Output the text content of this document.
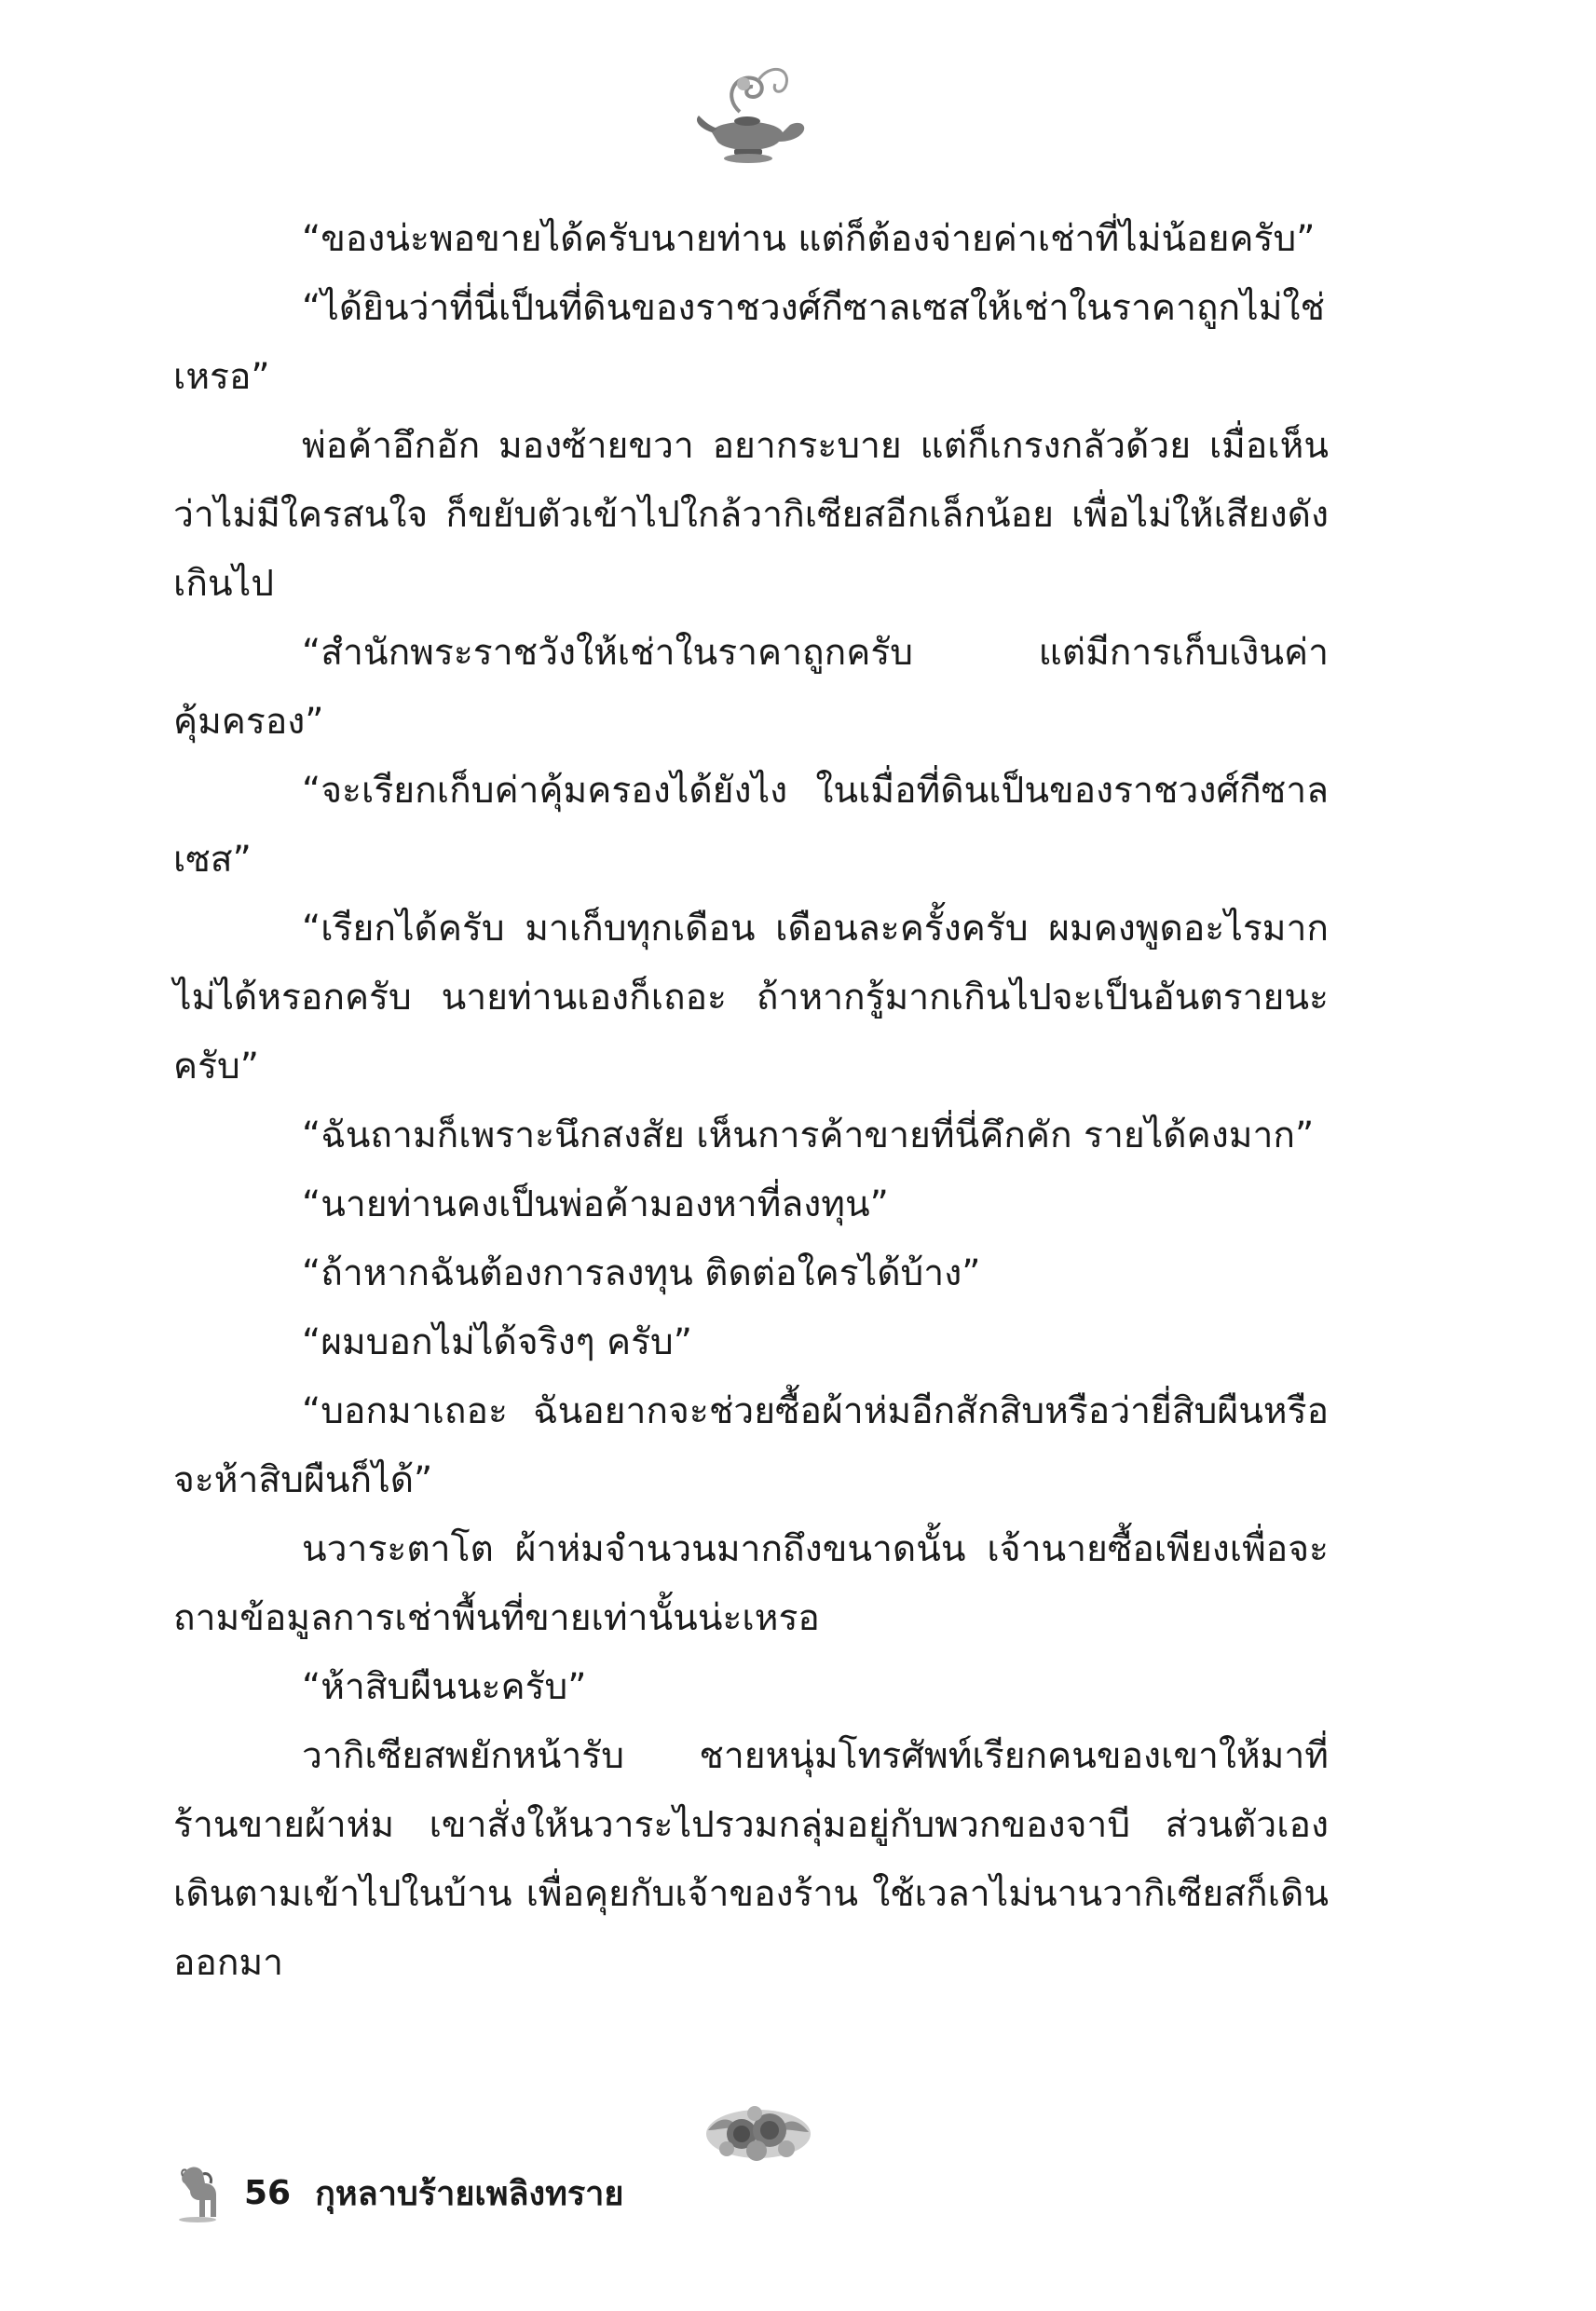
“ของน่ะพอขายได้ครับนายท่าน แต่ก็ต้องจ่ายค่าเช่าที่ไม่น้อยครับ”

“ได้ยินว่าที่นี่เป็นที่ดินของราชวงศ์กีซาลเซสให้เช่าในราคาถูกไม่ใช่เหรอ”

พ่อค้าอึกอัก มองซ้ายขวา อยากระบาย แต่ก็เกรงกลัวด้วย เมื่อเห็นว่าไม่มีใครสนใจ ก็ขยับตัวเข้าไปใกล้วากิเซียสอีกเล็กน้อย เพื่อไม่ให้เสียงดังเกินไป

“สำนักพระราชวังให้เช่าในราคาถูกครับ แต่มีการเก็บเงินค่าคุ้มครอง”

“จะเรียกเก็บค่าคุ้มครองได้ยังไง ในเมื่อที่ดินเป็นของราชวงศ์กีซาลเซส”

“เรียกได้ครับ มาเก็บทุกเดือน เดือนละครั้งครับ ผมคงพูดอะไรมากไม่ได้หรอกครับ นายท่านเองก็เถอะ ถ้าหากรู้มากเกินไปจะเป็นอันตรายนะครับ”

“ฉันถามก็เพราะนึกสงสัย เห็นการค้าขายที่นี่คึกคัก รายได้คงมาก”

“นายท่านคงเป็นพ่อค้ามองหาที่ลงทุน”

“ถ้าหากฉันต้องการลงทุน ติดต่อใครได้บ้าง”

“ผมบอกไม่ได้จริงๆ ครับ”

“บอกมาเถอะ ฉันอยากจะช่วยซื้อผ้าห่มอีกสักสิบหรือว่ายี่สิบผืนหรือจะห้าสิบผืนก็ได้”

นวาระตาโต ผ้าห่มจำนวนมากถึงขนาดนั้น เจ้านายซื้อเพียงเพื่อจะถามข้อมูลการเช่าพื้นที่ขายเท่านั้นน่ะเหรอ

“ห้าสิบผืนนะครับ”

วากิเซียสพยักหน้ารับ ชายหนุ่มโทรศัพท์เรียกคนของเขาให้มาที่ร้านขายผ้าห่ม เขาสั่งให้นวาระไปรวมกลุ่มอยู่กับพวกของจาบี ส่วนตัวเองเดินตามเข้าไปในบ้าน เพื่อคุยกับเจ้าของร้าน ใช้เวลาไม่นานวากิเซียสก็เดินออกมา

56 กุหลาบร้ายเพลิงทราย
